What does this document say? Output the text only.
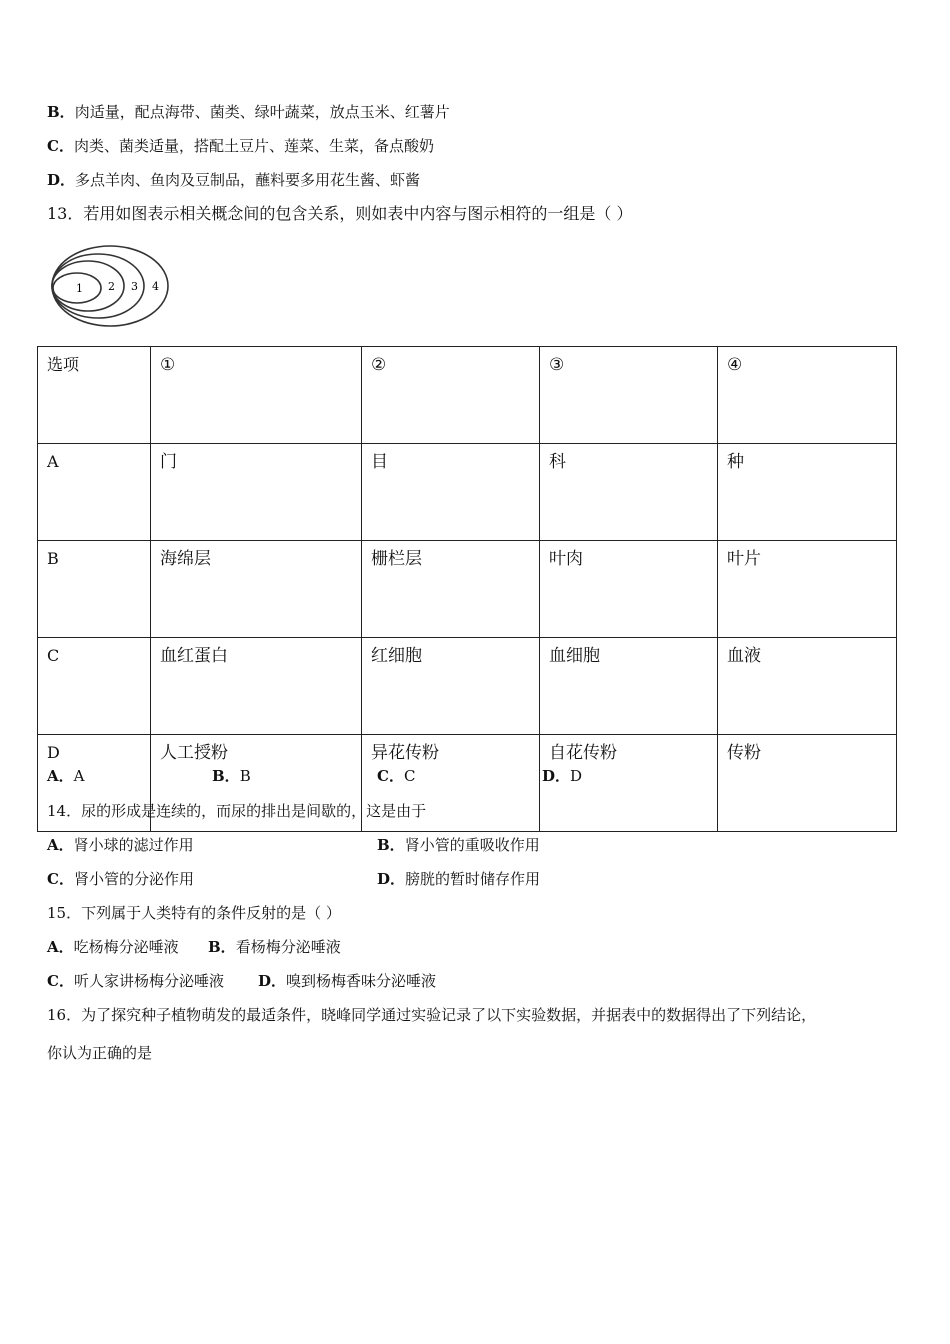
B．肉适量，配点海带、菌类、绿叶蔬菜，放点玉米、红薯片
C．肉类、菌类适量，搭配土豆片、莲菜、生菜，备点酸奶
D．多点羊肉、鱼肉及豆制品，蘸料要多用花生酱、虾酱
13．若用如图表示相关概念间的包含关系，则如表中内容与图示相符的一组是（ ）
1 2 3 4
选项	①	②	③	④
A	门	目	科	种
B	海绵层	栅栏层	叶肉	叶片
C	血红蛋白	红细胞	血细胞	血液
D	人工授粉	异花传粉	自花传粉	传粉
A．A	B．B	C．C	D．D
14．尿的形成是连续的，而尿的排出是间歇的，这是由于
A．肾小球的滤过作用	B．肾小管的重吸收作用
C．肾小管的分泌作用	D．膀胱的暂时储存作用
15．下列属于人类特有的条件反射的是（ ）
A．吃杨梅分泌唾液 B．看杨梅分泌唾液
C．听人家讲杨梅分泌唾液 D．嗅到杨梅香味分泌唾液
16．为了探究种子植物萌发的最适条件，晓峰同学通过实验记录了以下实验数据，并据表中的数据得出了下列结论，
你认为正确的是
